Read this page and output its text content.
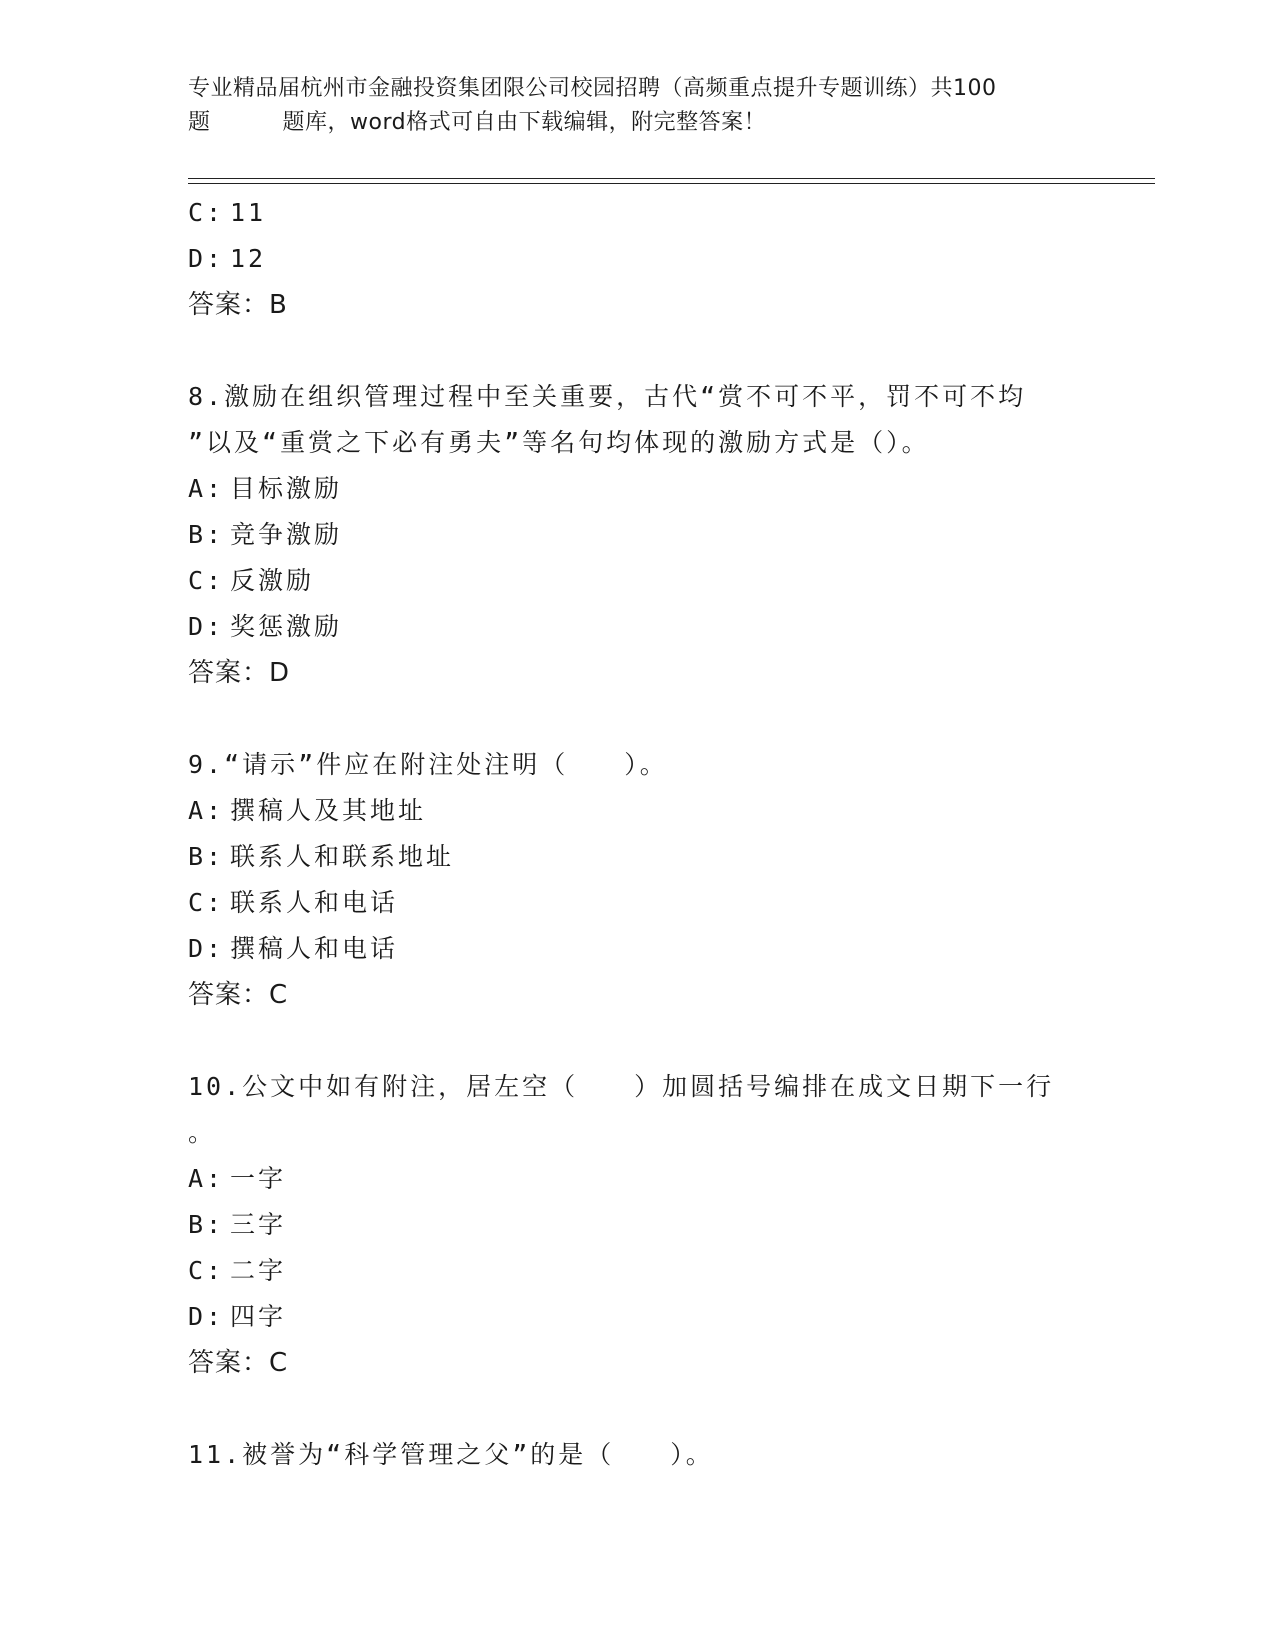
专业精品届杭州市金融投资集团限公司校园招聘（高频重点提升专题训练）共100
题	题库，word格式可自由下载编辑，附完整答案！
C: 11
D: 12
答案：B
8.激励在组织管理过程中至关重要，古代“赏不可不平，罚不可不均
”以及“重赏之下必有勇夫”等名句均体现的激励方式是（）。
A: 目标激励
B: 竞争激励
C: 反激励
D: 奖惩激励
答案：D
9.“请示”件应在附注处注明（　　）。
A: 撰稿人及其地址
B: 联系人和联系地址
C: 联系人和电话
D: 撰稿人和电话
答案：C
10.公文中如有附注，居左空（　　）加圆括号编排在成文日期下一行
。
A: 一字
B: 三字
C: 二字
D: 四字
答案：C
11.被誉为“科学管理之父”的是（　　）。
